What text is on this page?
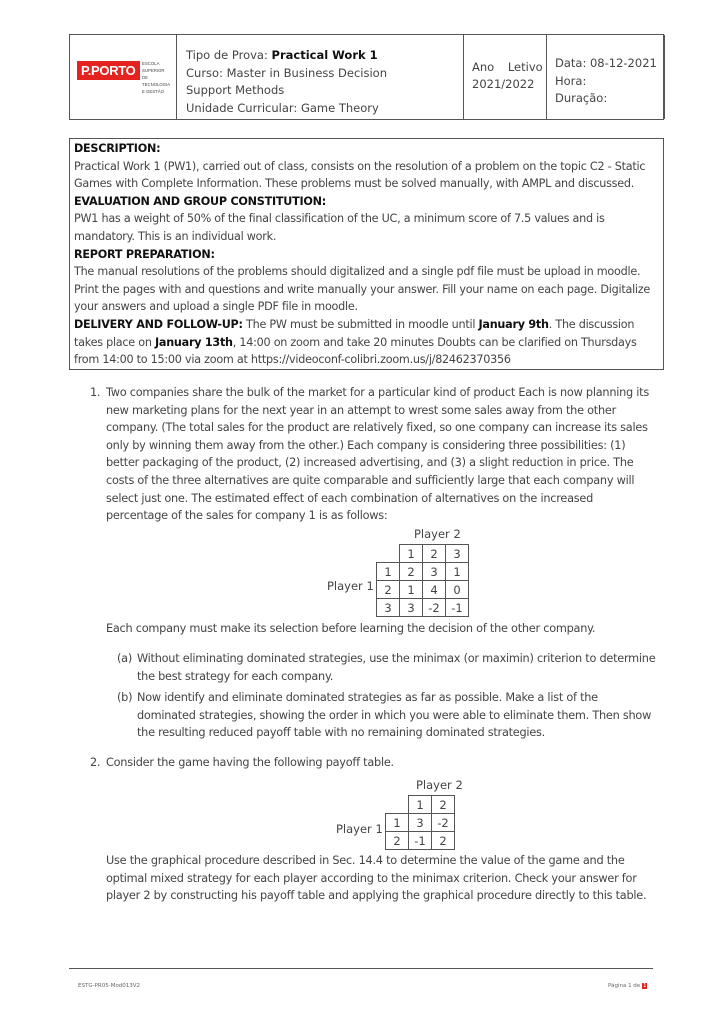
P.PORTO	ESCOLA
SUPERIOR
DE TECNOLOGIA
E GESTÃO
Tipo de Prova: Practical Work 1
Curso: Master in Business Decision Support Methods
Unidade Curricular: Game Theory
Ano Letivo
2021/2022
Data: 08-12-2021
Hora:
Duração:
DESCRIPTION:
Practical Work 1 (PW1), carried out of class, consists on the resolution of a problem on the topic C2 - Static Games with Complete Information. These problems must be solved manually, with AMPL and discussed.
EVALUATION AND GROUP CONSTITUTION:
PW1 has a weight of 50% of the final classification of the UC, a minimum score of 7.5 values and is mandatory. This is an individual work.
REPORT PREPARATION:
The manual resolutions of the problems should digitalized and a single pdf file must be upload in moodle. Print the pages with and questions and write manually your answer. Fill your name on each page. Digitalize your answers and upload a single PDF file in moodle.
DELIVERY AND FOLLOW-UP: The PW must be submitted in moodle until January 9th. The discussion takes place on January 13th, 14:00 on zoom and take 20 minutes Doubts can be clarified on Thursdays from 14:00 to 15:00 via zoom at https://videoconf-colibri.zoom.us/j/82462370356
1. Two companies share the bulk of the market for a particular kind of product Each is now planning its new marketing plans for the next year in an attempt to wrest some sales away from the other company. (The total sales for the product are relatively fixed, so one company can increase its sales only by winning them away from the other.) Each company is considering three possibilities: (1) better packaging of the product, (2) increased advertising, and (3) a slight reduction in price. The costs of the three alternatives are quite comparable and sufficiently large that each company will select just one. The estimated effect of each combination of alternatives on the increased percentage of the sales for company 1 is as follows:
Player 2
Player 1
	1	2	3
1	2	3	1
2	1	4	0
3	3	-2	-1
Each company must make its selection before learning the decision of the other company.
(a) Without eliminating dominated strategies, use the minimax (or maximin) criterion to determine the best strategy for each company.
(b) Now identify and eliminate dominated strategies as far as possible. Make a list of the dominated strategies, showing the order in which you were able to eliminate them. Then show the resulting reduced payoff table with no remaining dominated strategies.
2. Consider the game having the following payoff table.
Player 2
Player 1
	1	2
1	3	-2
2	-1	2
Use the graphical procedure described in Sec. 14.4 to determine the value of the game and the optimal mixed strategy for each player according to the minimax criterion. Check your answer for player 2 by constructing his payoff table and applying the graphical procedure directly to this table.
ESTG-PR05-Mod013V2	Página 1 de 1
